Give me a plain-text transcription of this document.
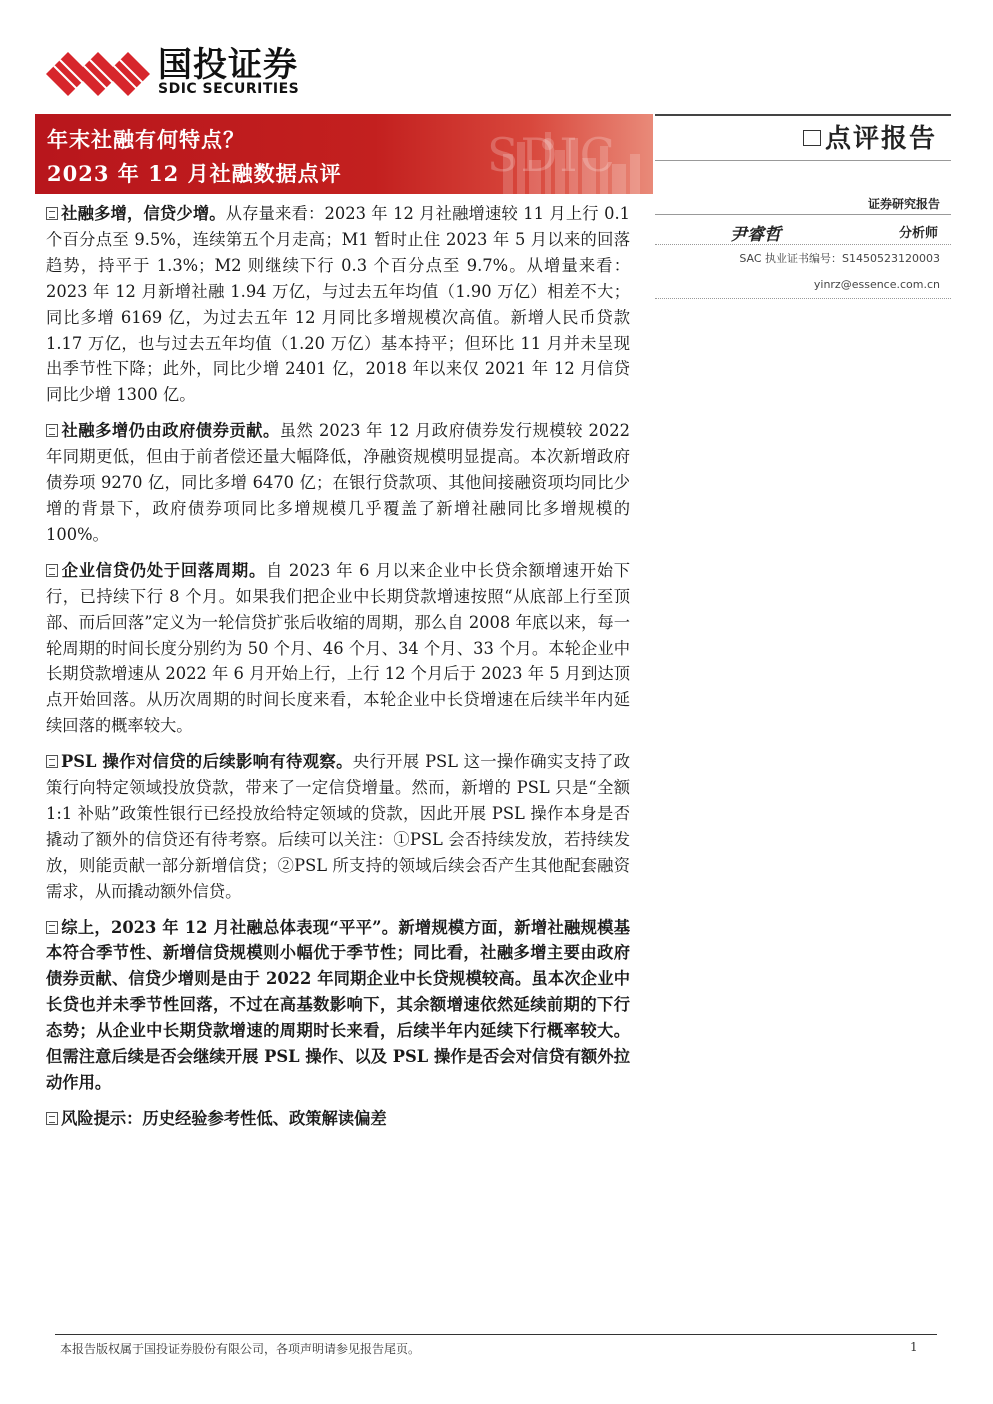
国投证券
SDIC SECURITIES
SDIC
年末社融有何特点？
2023 年 12 月社融数据点评
点评报告
证券研究报告
尹睿哲	分析师
SAC 执业证书编号：S1450523120003
yinrz@essence.com.cn

社融多增，信贷少增。从存量来看：2023 年 12 月社融增速较 11 月上行 0.1 个百分点至 9.5%，连续第五个月走高；M1 暂时止住 2023 年 5 月以来的回落趋势，持平于 1.3%；M2 则继续下行 0.3 个百分点至 9.7%。从增量来看：2023 年 12 月新增社融 1.94 万亿，与过去五年均值（1.90 万亿）相差不大；同比多增 6169 亿，为过去五年 12 月同比多增规模次高值。新增人民币贷款 1.17 万亿，也与过去五年均值（1.20 万亿）基本持平；但环比 11 月并未呈现出季节性下降；此外，同比少增 2401 亿，2018 年以来仅 2021 年 12 月信贷同比少增 1300 亿。

社融多增仍由政府债券贡献。虽然 2023 年 12 月政府债券发行规模较 2022 年同期更低，但由于前者偿还量大幅降低，净融资规模明显提高。本次新增政府债券项 9270 亿，同比多增 6470 亿；在银行贷款项、其他间接融资项均同比少增的背景下，政府债券项同比多增规模几乎覆盖了新增社融同比多增规模的 100%。

企业信贷仍处于回落周期。自 2023 年 6 月以来企业中长贷余额增速开始下行，已持续下行 8 个月。如果我们把企业中长期贷款增速按照“从底部上行至顶部、而后回落”定义为一轮信贷扩张后收缩的周期，那么自 2008 年底以来，每一轮周期的时间长度分别约为 50 个月、46 个月、34 个月、33 个月。本轮企业中长期贷款增速从 2022 年 6 月开始上行，上行 12 个月后于 2023 年 5 月到达顶点开始回落。从历次周期的时间长度来看，本轮企业中长贷增速在后续半年内延续回落的概率较大。

PSL 操作对信贷的后续影响有待观察。央行开展 PSL 这一操作确实支持了政策行向特定领域投放贷款，带来了一定信贷增量。然而，新增的 PSL 只是“全额 1:1 补贴”政策性银行已经投放给特定领域的贷款，因此开展 PSL 操作本身是否撬动了额外的信贷还有待考察。后续可以关注：①PSL 会否持续发放，若持续发放，则能贡献一部分新增信贷；②PSL 所支持的领域后续会否产生其他配套融资需求，从而撬动额外信贷。

综上，2023 年 12 月社融总体表现“平平”。新增规模方面，新增社融规模基本符合季节性、新增信贷规模则小幅优于季节性；同比看，社融多增主要由政府债券贡献、信贷少增则是由于 2022 年同期企业中长贷规模较高。虽本次企业中长贷也并未季节性回落，不过在高基数影响下，其余额增速依然延续前期的下行态势；从企业中长期贷款增速的周期时长来看，后续半年内延续下行概率较大。但需注意后续是否会继续开展 PSL 操作、以及 PSL 操作是否会对信贷有额外拉动作用。

风险提示：历史经验参考性低、政策解读偏差

本报告版权属于国投证券股份有限公司，各项声明请参见报告尾页。	1
